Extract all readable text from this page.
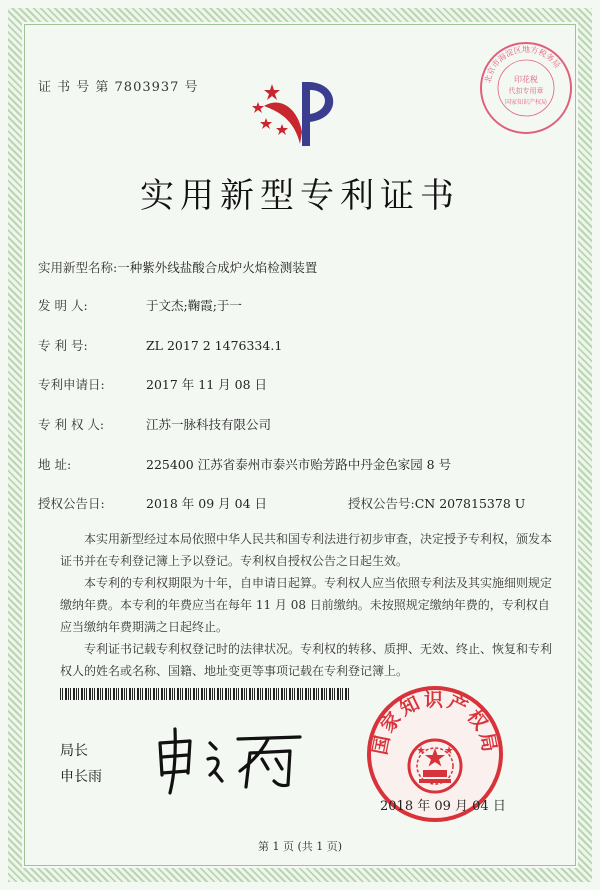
证 书 号 第 7803937 号
北京市海淀区地方税务局
印花税
代扣专用章
国家知识产权局
实用新型专利证书
实用新型名称:一种紫外线盐酸合成炉火焰检测装置
发 明 人:	于文杰;鞠霞;于一
专 利 号:	ZL 2017 2 1476334.1
专利申请日:	2017 年 11 月 08 日
专 利 权 人:	江苏一脉科技有限公司
地 址:	225400 江苏省泰州市泰兴市贻芳路中丹金色家园 8 号
授权公告日:	2018 年 09 月 04 日	授权公告号:CN 207815378 U
本实用新型经过本局依照中华人民共和国专利法进行初步审查，决定授予专利权，颁发本证书并在专利登记簿上予以登记。专利权自授权公告之日起生效。
本专利的专利权期限为十年，自申请日起算。专利权人应当依照专利法及其实施细则规定缴纳年费。本专利的年费应当在每年 11 月 08 日前缴纳。未按照规定缴纳年费的，专利权自应当缴纳年费期满之日起终止。
专利证书记载专利权登记时的法律状况。专利权的转移、质押、无效、终止、恢复和专利权人的姓名或名称、国籍、地址变更等事项记载在专利登记簿上。
局长
申长雨
国家知识产权局
2018 年 09 月 04 日
第 1 页 (共 1 页)
